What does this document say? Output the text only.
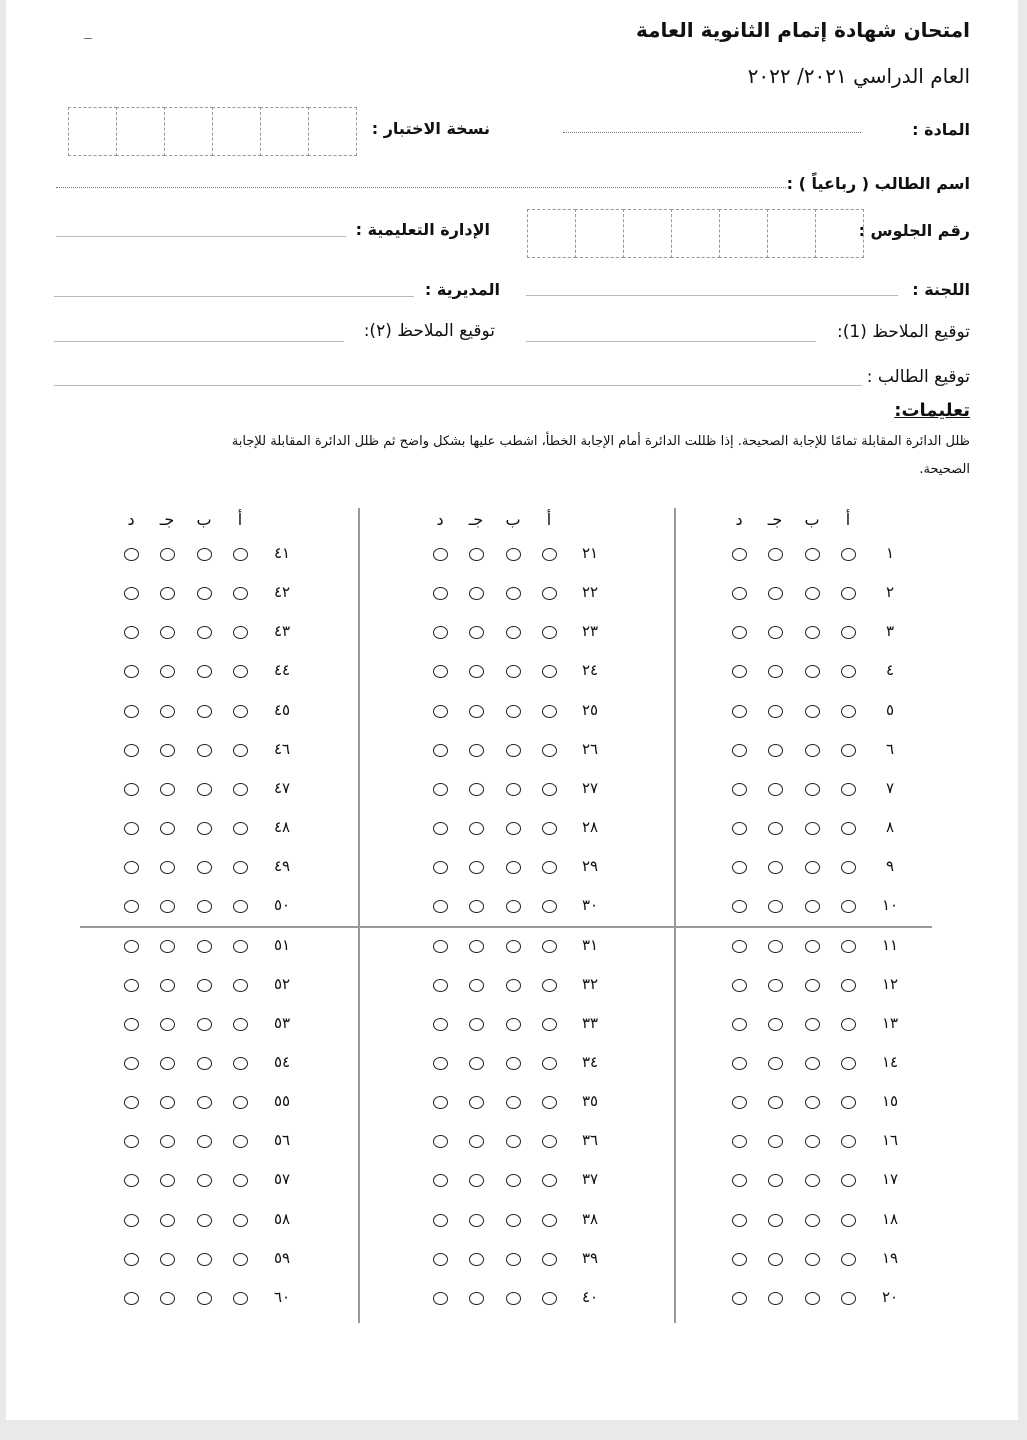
امتحان شهادة إتمام الثانوية العامة
العام الدراسي ٢٠٢١/ ٢٠٢٢
المادة :
نسخة الاختبار :
اسم الطالب ( رباعياً ) :
رقم الجلوس :
الإدارة التعليمية :
اللجنة :
المديرية :
توقيع الملاحظ (1):
توقيع الملاحظ (٢):
توقيع الطالب :
تعليمات:
ظلل الدائرة المقابلة تمامًا للإجابة الصحيحة. إذا ظللت الدائرة أمام الإجابة الخطأ، اشطب عليها بشكل واضح ثم ظلل الدائرة المقابلة للإجابة
الصحيحة.
أ
ب
جـ
د
١
٢
٣
٤
٥
٦
٧
٨
٩
١٠
١١
١٢
١٣
١٤
١٥
١٦
١٧
١٨
١٩
٢٠
أ
ب
جـ
د
٢١
٢٢
٢٣
٢٤
٢٥
٢٦
٢٧
٢٨
٢٩
٣٠
٣١
٣٢
٣٣
٣٤
٣٥
٣٦
٣٧
٣٨
٣٩
٤٠
أ
ب
جـ
د
٤١
٤٢
٤٣
٤٤
٤٥
٤٦
٤٧
٤٨
٤٩
٥٠
٥١
٥٢
٥٣
٥٤
٥٥
٥٦
٥٧
٥٨
٥٩
٦٠
